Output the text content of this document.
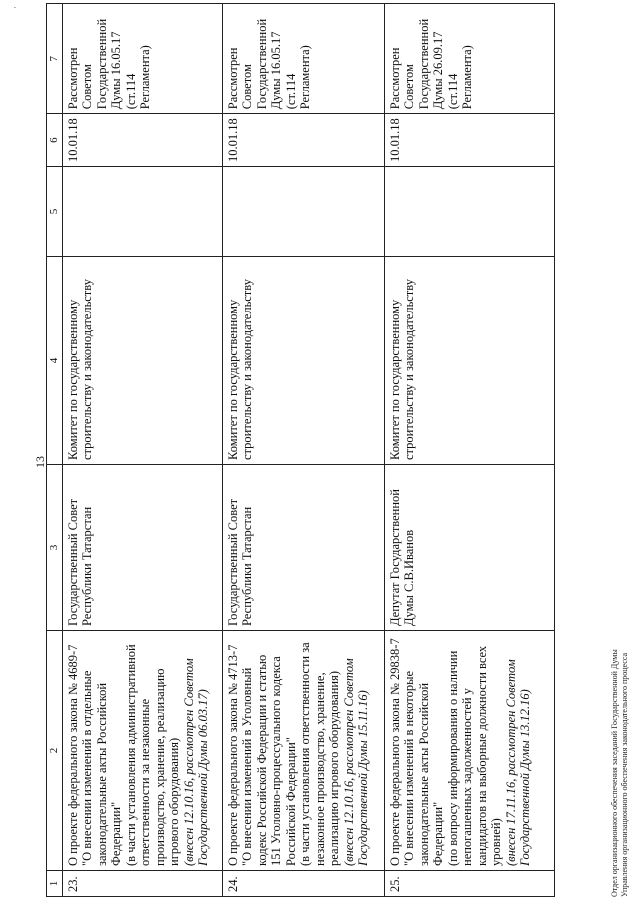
13
·
1	2	3	4	5	6	7
23.	О проекте федерального закона № 4689-7 "О внесении изменений в отдельные законодательные акты Российской Федерации" (в части установления административной ответственности за незаконные производство, хранение, реализацию игрового оборудования) (внесен 12.10.16, рассмотрен Советом Государственной Думы 06.03.17)	Государственный Совет Республики Татарстан	Комитет по государственному строительству и законодательству		10.01.18	Рассмотрен Советом Государственной Думы 16.05.17 (ст.114 Регламента)
24.	О проекте федерального закона № 4713-7 "О внесении изменений в Уголовный кодекс Российской Федерации и статью 151 Уголовно-процессуального кодекса Российской Федерации" (в части установления ответственности за незаконное производство, хранение, реализацию игрового оборудования) (внесен 12.10.16, рассмотрен Советом Государственной Думы 15.11.16)	Государственный Совет Республики Татарстан	Комитет по государственному строительству и законодательству		10.01.18	Рассмотрен Советом Государственной Думы 16.05.17 (ст.114 Регламента)
25.	О проекте федерального закона № 29838-7 "О внесении изменений в некоторые законодательные акты Российской Федерации" (по вопросу информирования о наличии непогашенных задолженностей у кандидатов на выборные должности всех уровней) (внесен 17.11.16, рассмотрен Советом Государственной Думы 13.12.16)	Депутат Государственной Думы С.В.Иванов	Комитет по государственному строительству и законодательству		10.01.18	Рассмотрен Советом Государственной Думы 26.09.17 (ст.114 Регламента)
Отдел организационного обеспечения заседаний Государственной Думы Управления организационного обеспечения законодательного процесса
